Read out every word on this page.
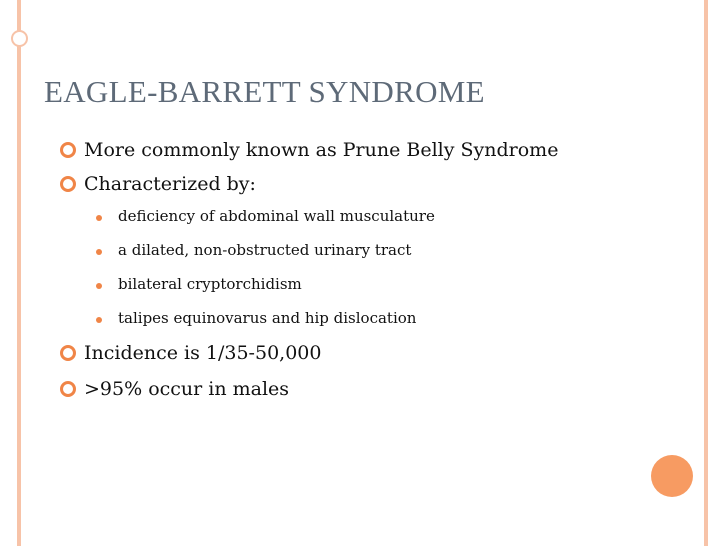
EAGLE-BARRETT SYNDROME
More commonly known as Prune Belly Syndrome
Characterized by:
deficiency of abdominal wall musculature
a dilated, non-obstructed urinary tract
bilateral cryptorchidism
talipes equinovarus and hip dislocation
Incidence is 1/35-50,000
>95% occur in males
